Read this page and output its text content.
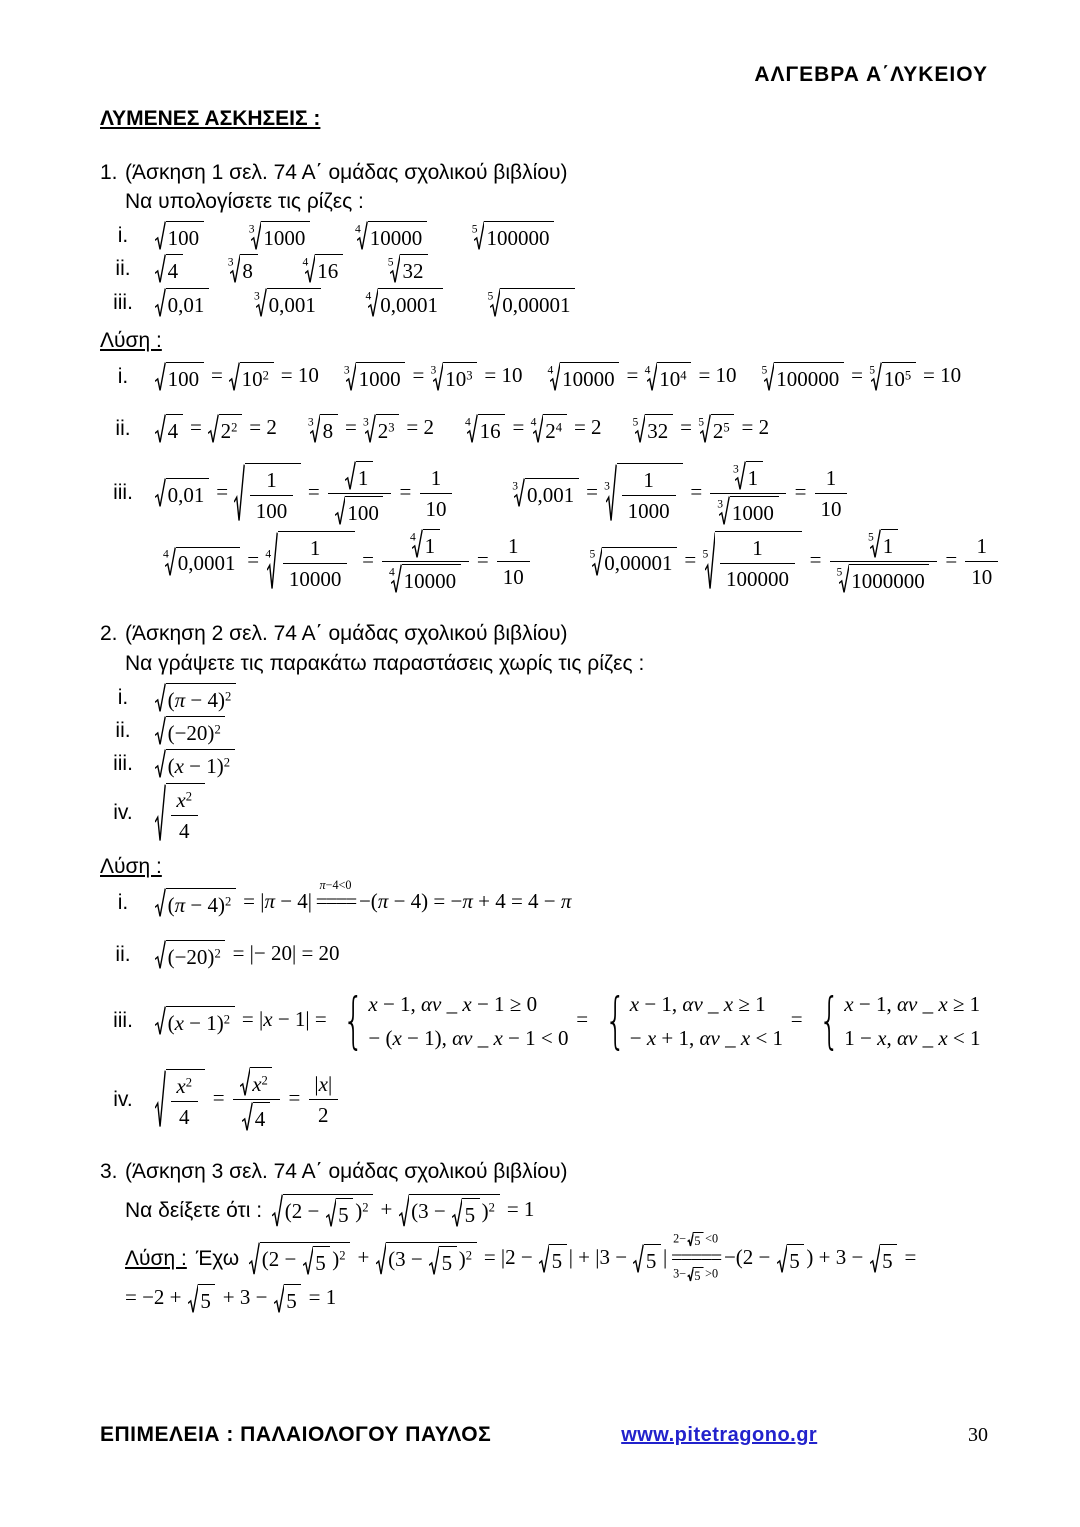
ΑΛΓΕΒΡΑ Α΄ΛΥΚΕΙΟΥ
ΛΥΜΕΝΕΣ ΑΣΚΗΣΕΙΣ :
1. (Άσκηση 1 σελ. 74 Α΄ ομάδας σχολικού βιβλίου)
Να υπολογίσετε τις ρίζες :
i.	100	3 1000	4 10000	5 100000
ii.	4	3 8	4 16	5 32
iii.	0,01	3 0,001	4 0,0001	5 0,00001
Λύση :
i.	$100 = 10^2 = 10$ 3 1000 = 3 $10^3 = 10$ 4 10000 = 4 $10^4 = 10$ 5 100000 = 5 $10^5 = 10$
ii.	$4 = 2^2 = 2$	3 8 = 3 $2^3 = 2$	4 16 = 4 $2^4 = 2$	5 32 = 5 $2^5 = 2$
iii.	$0,01 = \frac{1}{100} = \frac{1}{100} = \frac{1}{10}$	3 $0,001 = 3 \frac{1}{1000} = \frac{3 1}{3 1000} = \frac{1}{10}$
4 $0,0001 = 4 \frac{1}{10000} = \frac{4 1}{4 10000} = \frac{1}{10}$	5 $0,00001 = 5 \frac{1}{100000} = \frac{5 1}{5 1000000} = \frac{1}{10}$
2. (Άσκηση 2 σελ. 74 Α΄ ομάδας σχολικού βιβλίου)
Να γράψετε τις παρακάτω παραστάσεις χωρίς τις ρίζες :
i.	$(\pi - 4)^2$
ii.	$(-20)^2$
iii.	$(x - 1)^2$
iv.	$\frac{x^2}{4}$
Λύση :
i.	$(\pi - 4)^2 = |\pi - 4|$
π−4<0
==== −(π − 4) = −π + 4 = 4 − π
ii.	$(-20)^2$ = |− 20| = 20
iii.	$(x - 1)^2 = |x - 1|$ = { x − 1, αν _ x − 1 ≥ 0
− (x − 1), αν _ x − 1 < 0
= { x − 1, αν _ x ≥ 1
− x + 1, αν _ x < 1
= { x − 1, αν _ x ≥ 1
1 − x, αν _ x < 1
iv.	$\frac{x^2}{4} = \frac{x^2}{4} = \frac{|x|}{2}$
3. (Άσκηση 3 σελ. 74 Α΄ ομάδας σχολικού βιβλίου)
Να δείξετε ότι : (2 − 5 )$^2$ + (3 − 5 )$^2$ = 1
Λύση : Έχω (2 − 5 )$^2$ + (3 − 5 )$^2$ = |2 − 5 | + |3 − 5 |
2− 5 <0
=====
3− 5 >0
−(2 − 5 ) + 3 − 5 =
= −2 + 5 + 3 − 5 = 1
ΕΠΙΜΕΛΕΙΑ : ΠΑΛΑΙΟΛΟΓΟΥ ΠΑΥΛΟΣ	www.pitetragono.gr	30
